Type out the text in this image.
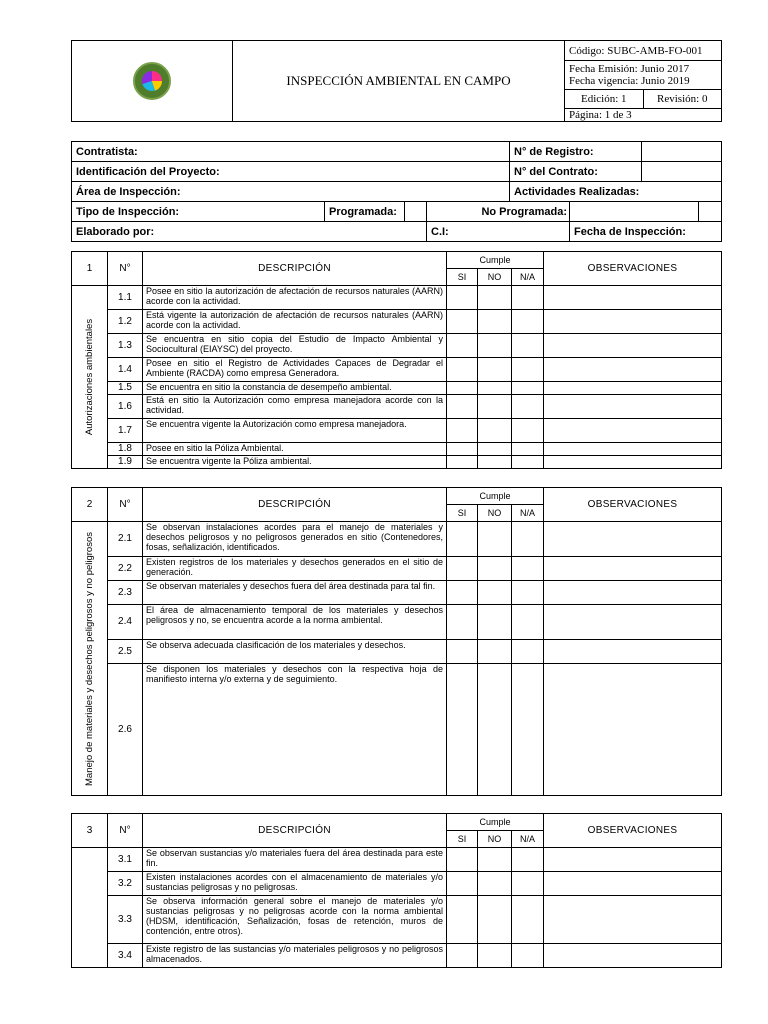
	INSPECCIÓN AMBIENTAL EN CAMPO	Código: SUBC-AMB-FO-001

Fecha Emisión: Junio 2017
Fecha vigencia: Junio 2019

Edición: 1	Revisión: 0

Página: 1 de 3
Contratista:				N° de Registro:			
Identificación del Proyecto:				N° del Contrato:			
Área de Inspección:				Actividades Realizadas:			
Tipo de Inspección:	Programada:		No Programada:				
Elaborado por:			C.I:		Fecha de Inspección:		
1	N°	DESCRIPCIÓN	Cumple			OBSERVACIONES
			SI	NO	N/A	

Autorizaciones ambientales	1.1	Posee en sitio la autorización de afectación de recursos naturales (AARN) acorde con la actividad.				
	1.2	Está vigente la autorización de afectación de recursos naturales (AARN) acorde con la actividad.				
	1.3	Se encuentra en sitio copia del Estudio de Impacto Ambiental y Sociocultural (EIAYSC) del proyecto.				
	1.4	Posee en sitio el Registro de Actividades Capaces de Degradar el Ambiente (RACDA) como empresa Generadora.				
	1.5	Se encuentra en sitio la constancia de desempeño ambiental.				
	1.6	Está en sitio la Autorización como empresa manejadora acorde con la actividad.				
	1.7	Se encuentra vigente la Autorización como empresa manejadora.				
	1.8	Posee en sitio la Póliza Ambiental.				
	1.9	Se encuentra vigente la Póliza ambiental.				
2	N°	DESCRIPCIÓN	Cumple			OBSERVACIONES
			SI	NO	N/A	

Manejo de materiales y desechos peligrosos y no peligrosos	2.1	Se observan instalaciones acordes para el manejo de materiales y desechos peligrosos y no peligrosos generados en sitio (Contenedores, fosas, señalización, identificados.				
	2.2	Existen registros de los materiales y desechos generados en el sitio de generación.				
	2.3	Se observan materiales y desechos fuera del área destinada para tal fin.				
	2.4	El área de almacenamiento temporal de los materiales y desechos peligrosos y no, se encuentra acorde a la norma ambiental.				
	2.5	Se observa adecuada clasificación de los materiales y desechos.				
	2.6	Se disponen los materiales y desechos con la respectiva hoja de manifiesto interna y/o externa y de seguimiento.				
3	N°	DESCRIPCIÓN	Cumple			OBSERVACIONES
			SI	NO	N/A	

	3.1	Se observan sustancias y/o materiales fuera del área destinada para este fin.				
	3.2	Existen instalaciones acordes con el almacenamiento de materiales y/o sustancias peligrosas y no peligrosas.				
	3.3	Se observa información general sobre el manejo de materiales y/o sustancias peligrosas y no peligrosas acorde con la norma ambiental (HDSM, identificación, Señalización, fosas de retención, muros de contención, entre otros).				
	3.4	Existe registro de las sustancias y/o materiales peligrosos y no peligrosos almacenados.				
